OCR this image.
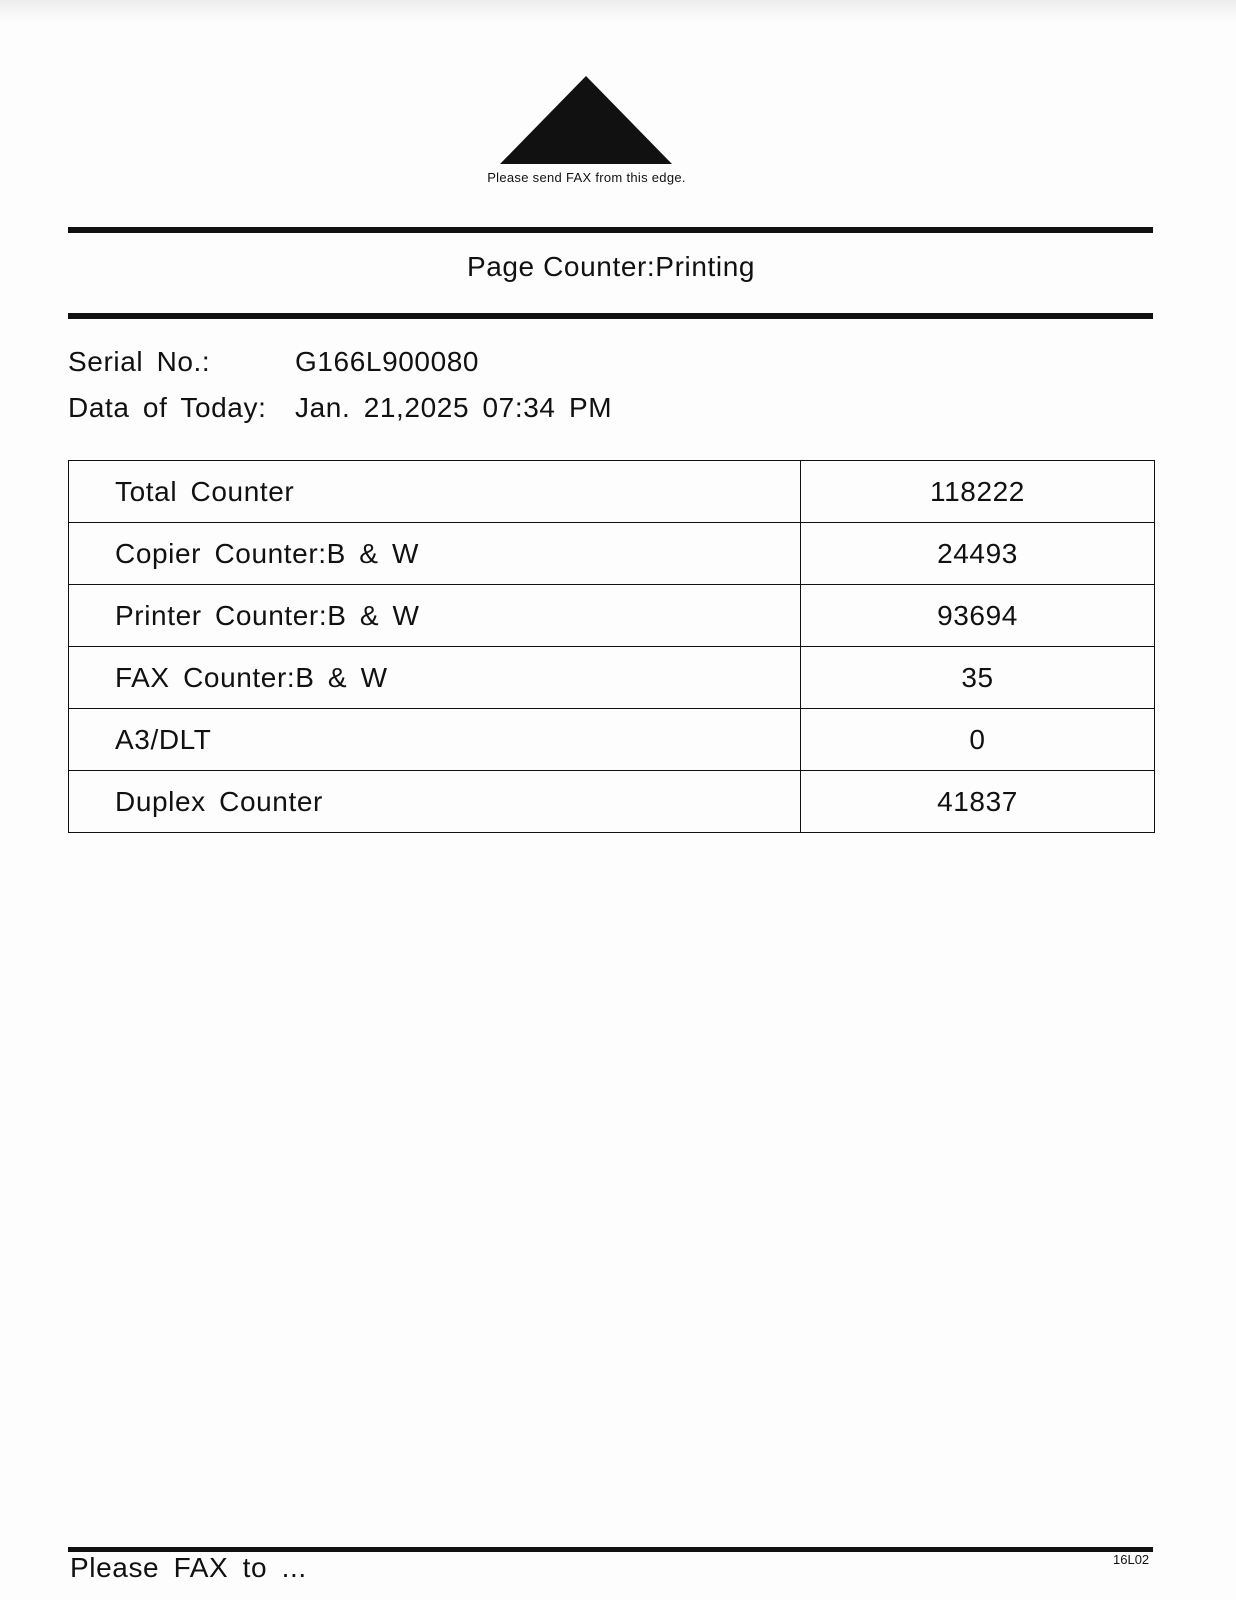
Please send FAX from this edge.
Page Counter:Printing
Serial No.:	G166L900080
Data of Today: Jan. 21,2025 07:34 PM
Total Counter	118222
Copier Counter:B & W	24493
Printer Counter:B & W	93694
FAX Counter:B & W	35
A3/DLT	0
Duplex Counter	41837
Please FAX to ...	16L02
